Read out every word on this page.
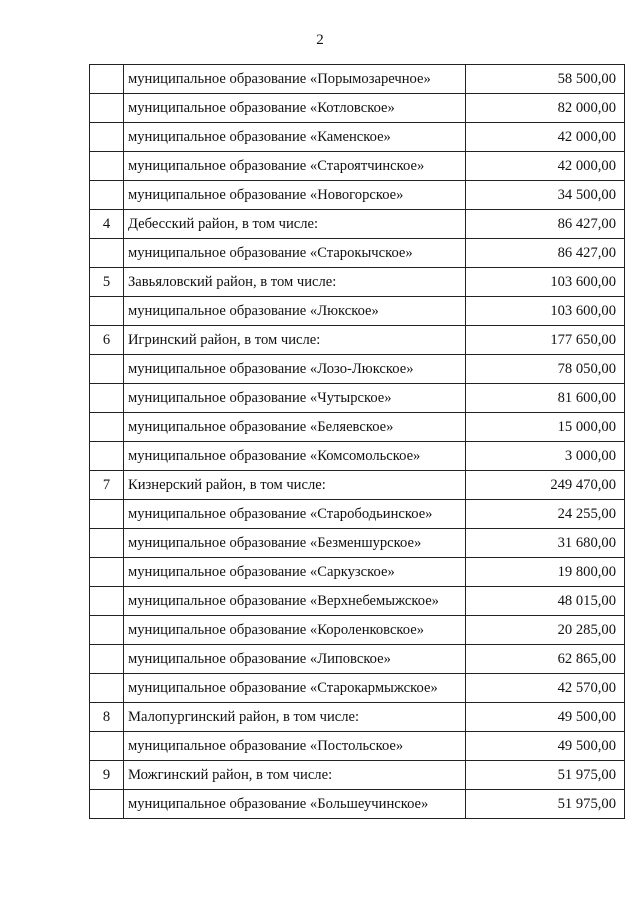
2
	муниципальное образование «Порымозаречное»	58 500,00
	муниципальное образование «Котловское»	82 000,00
	муниципальное образование «Каменское»	42 000,00
	муниципальное образование «Староятчинское»	42 000,00
	муниципальное образование «Новогорское»	34 500,00
4	Дебесский район, в том числе:	86 427,00
	муниципальное образование «Старокычское»	86 427,00
5	Завьяловский район, в том числе:	103 600,00
	муниципальное образование «Люкское»	103 600,00
6	Игринский район, в том числе:	177 650,00
	муниципальное образование «Лозо-Люкское»	78 050,00
	муниципальное образование «Чутырское»	81 600,00
	муниципальное образование «Беляевское»	15 000,00
	муниципальное образование «Комсомольское»	3 000,00
7	Кизнерский район, в том числе:	249 470,00
	муниципальное образование «Старободьинское»	24 255,00
	муниципальное образование «Безменшурское»	31 680,00
	муниципальное образование «Саркузское»	19 800,00
	муниципальное образование «Верхнебемыжское»	48 015,00
	муниципальное образование «Короленковское»	20 285,00
	муниципальное образование «Липовское»	62 865,00
	муниципальное образование «Старокармыжское»	42 570,00
8	Малопургинский район, в том числе:	49 500,00
	муниципальное образование «Постольское»	49 500,00
9	Можгинский район, в том числе:	51 975,00
	муниципальное образование «Большеучинское»	51 975,00
